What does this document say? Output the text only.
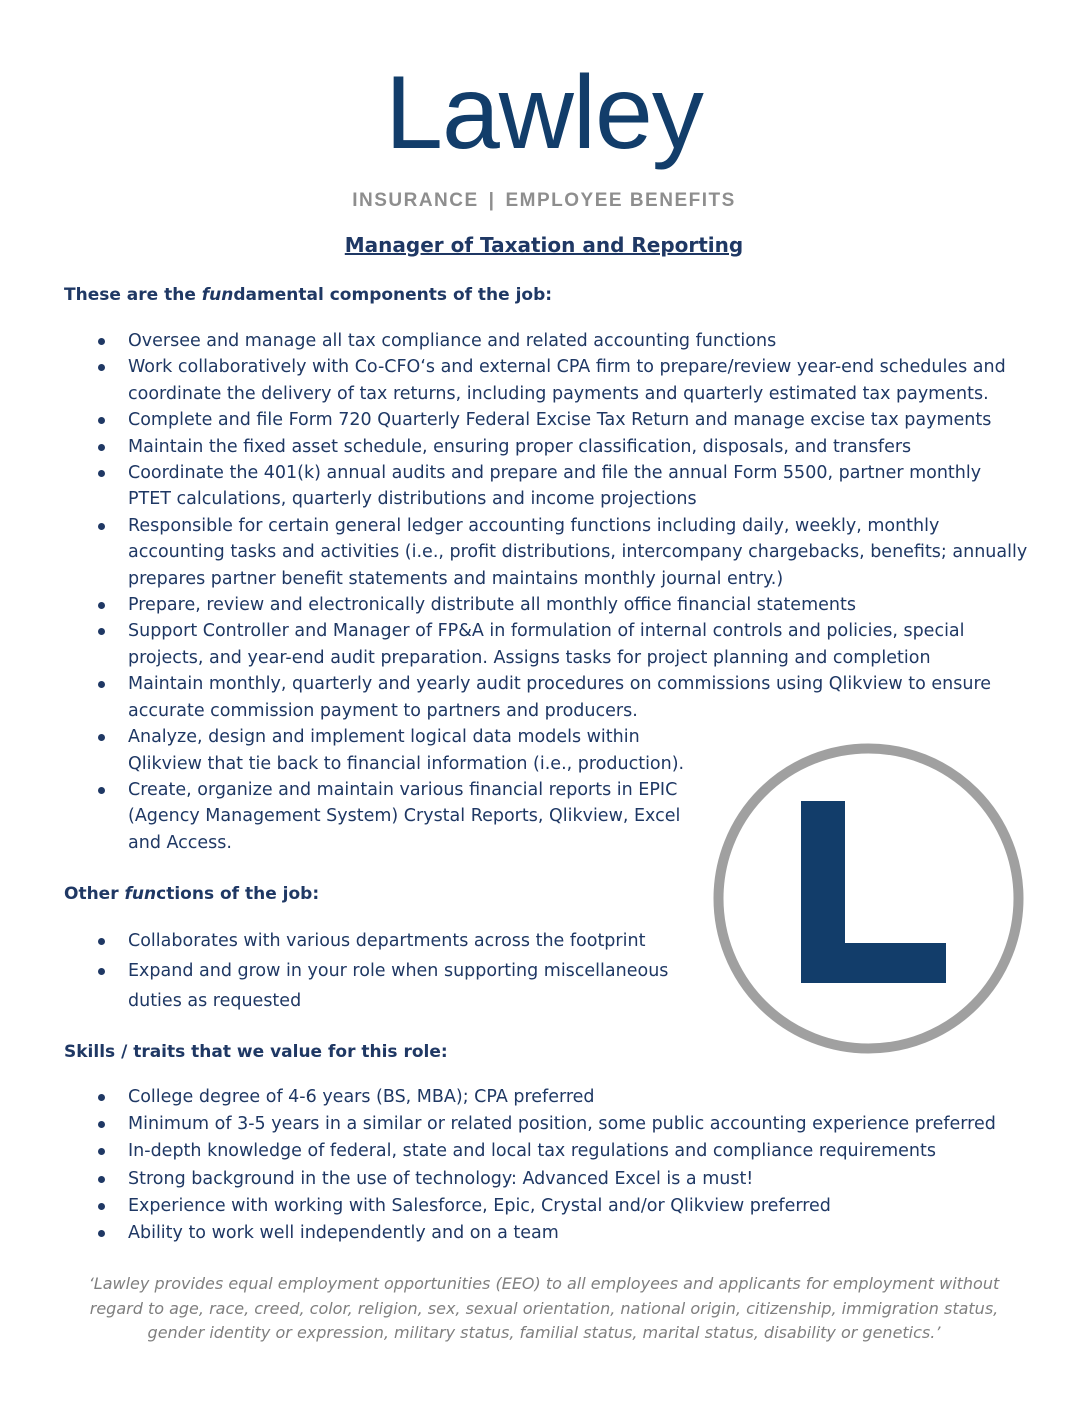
Lawley
INSURANCE | EMPLOYEE BENEFITS
Manager of Taxation and Reporting
These are the fundamental components of the job:
Oversee and manage all tax compliance and related accounting functions
Work collaboratively with Co-CFO‘s and external CPA firm to prepare/review year-end schedules and coordinate the delivery of tax returns, including payments and quarterly estimated tax payments.
Complete and file Form 720 Quarterly Federal Excise Tax Return and manage excise tax payments
Maintain the fixed asset schedule, ensuring proper classification, disposals, and transfers
Coordinate the 401(k) annual audits and prepare and file the annual Form 5500, partner monthly PTET calculations, quarterly distributions and income projections
Responsible for certain general ledger accounting functions including daily, weekly, monthly accounting tasks and activities (i.e., profit distributions, intercompany chargebacks, benefits; annually prepares partner benefit statements and maintains monthly journal entry.)
Prepare, review and electronically distribute all monthly office financial statements
Support Controller and Manager of FP&A in formulation of internal controls and policies, special projects, and year-end audit preparation. Assigns tasks for project planning and completion
Maintain monthly, quarterly and yearly audit procedures on commissions using Qlikview to ensure accurate commission payment to partners and producers.
Analyze, design and implement logical data models within Qlikview that tie back to financial information (i.e., production).
Create, organize and maintain various financial reports in EPIC (Agency Management System) Crystal Reports, Qlikview, Excel and Access.
Other functions of the job:
Collaborates with various departments across the footprint
Expand and grow in your role when supporting miscellaneous duties as requested
Skills / traits that we value for this role:
College degree of 4-6 years (BS, MBA); CPA preferred
Minimum of 3-5 years in a similar or related position, some public accounting experience preferred
In-depth knowledge of federal, state and local tax regulations and compliance requirements
Strong background in the use of technology: Advanced Excel is a must!
Experience with working with Salesforce, Epic, Crystal and/or Qlikview preferred
Ability to work well independently and on a team
‘Lawley provides equal employment opportunities (EEO) to all employees and applicants for employment without regard to age, race, creed, color, religion, sex, sexual orientation, national origin, citizenship, immigration status, gender identity or expression, military status, familial status, marital status, disability or genetics.’
